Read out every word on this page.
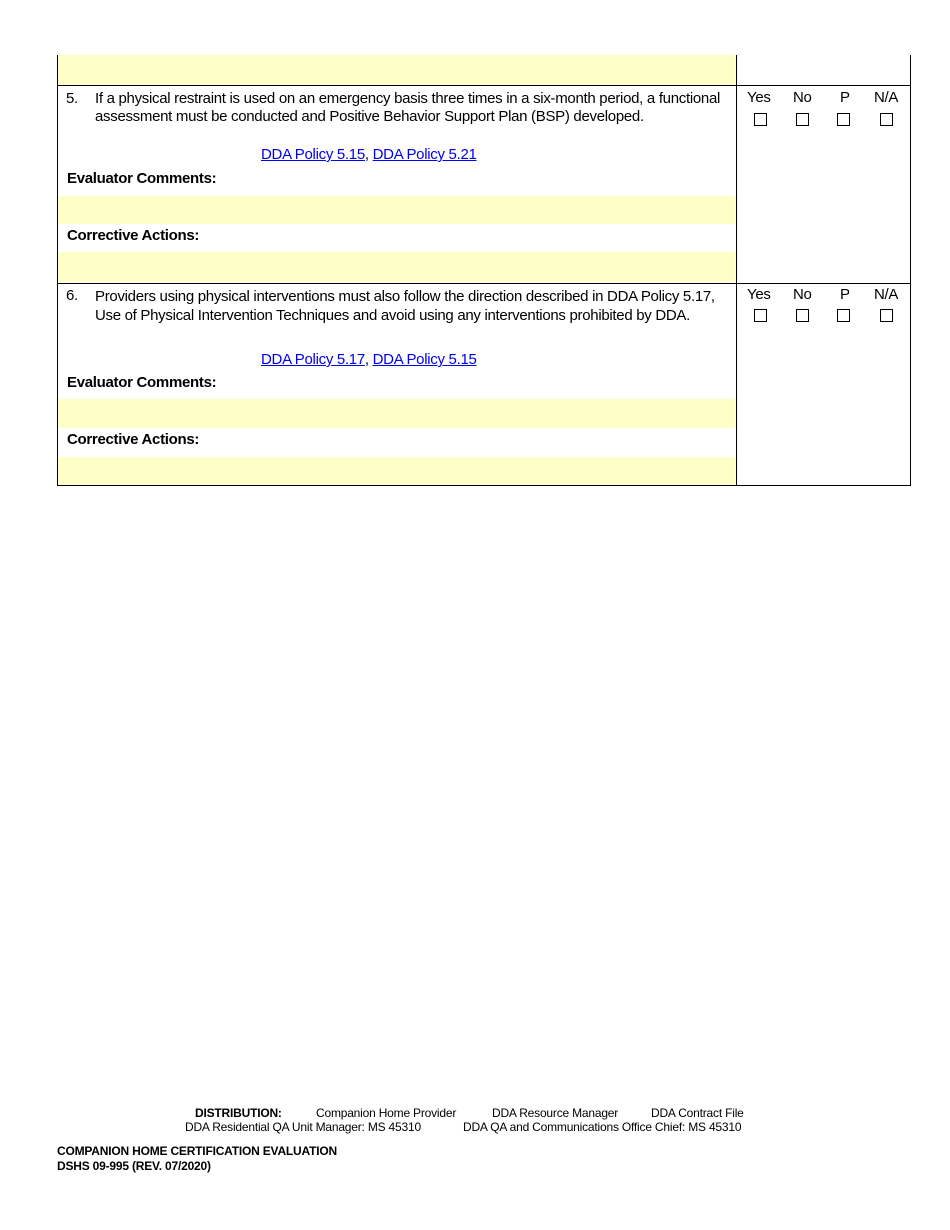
5. If a physical restraint is used on an emergency basis three times in a six-month period, a functional assessment must be conducted and Positive Behavior Support Plan (BSP) developed.
DDA Policy 5.15, DDA Policy 5.21
Evaluator Comments:
Corrective Actions:
Yes No P N/A
6. Providers using physical interventions must also follow the direction described in DDA Policy 5.17, Use of Physical Intervention Techniques and avoid using any interventions prohibited by DDA.
DDA Policy 5.17, DDA Policy 5.15
Evaluator Comments:
Corrective Actions:
Yes No P N/A
DISTRIBUTION:	Companion Home Provider	DDA Resource Manager	DDA Contract File
DDA Residential QA Unit Manager: MS 45310	DDA QA and Communications Office Chief: MS 45310
COMPANION HOME CERTIFICATION EVALUATION
DSHS 09-995 (REV. 07/2020)
